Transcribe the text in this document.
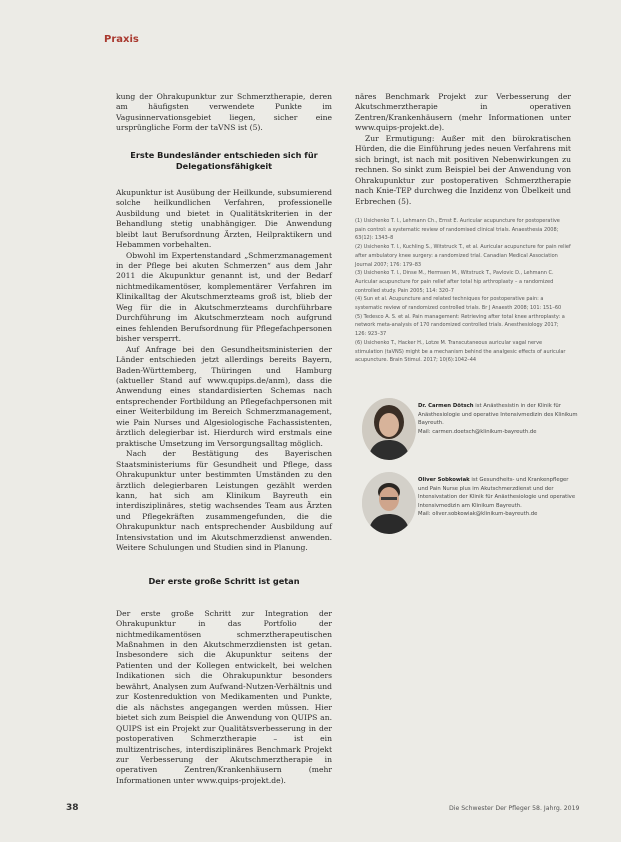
Praxis

kung der Ohrakupunktur zur Schmerztherapie, deren am häufigsten verwendete Punkte im Vagusinnervationsgebiet liegen, sicher eine ursprüngliche Form der taVNS ist (5).

Erste Bundesländer entschieden sich für Delegationsfähigkeit

Akupunktur ist Ausübung der Heilkunde, subsumierend solche heilkundlichen Verfahren, professionelle Ausbildung und bietet in Qualitätskriterien in der Behandlung stetig unabhängiger. Die Anwendung bleibt laut Berufsordnung Ärzten, Heilpraktikern und Hebammen vorbehalten.

Obwohl im Expertenstandard „Schmerzmanagement in der Pflege bei akuten Schmerzen“ aus dem Jahr 2011 die Akupunktur genannt ist, und der Bedarf nichtmedikamentöser, komplementärer Verfahren im Klinikalltag der Akutschmerzteams groß ist, blieb der Weg für die in Akutschmerzteams durchführbare Durchführung im Akutschmerzteam noch aufgrund eines fehlenden Berufsordnung für Pflegefachpersonen bisher versperrt.

Auf Anfrage bei den Gesundheitsministerien der Länder entschieden jetzt allerdings bereits Bayern, Baden-Württemberg, Thüringen und Hamburg (aktueller Stand auf www.qupips.de/anm), dass die Anwendung eines standardisierten Schemas nach entsprechender Fortbildung an Pflegefachpersonen mit einer Weiterbildung im Bereich Schmerzmanagement, wie Pain Nurses und Algesiologische Fachassistenten, ärztlich delegierbar ist. Hierdurch wird erstmals eine praktische Umsetzung im Versorgungsalltag möglich.

Nach der Bestätigung des Bayerischen Staatsministeriums für Gesundheit und Pflege, dass Ohrakupunktur unter bestimmten Umständen zu den ärztlich delegierbaren Leistungen gezählt werden kann, hat sich am Klinikum Bayreuth ein interdisziplinäres, stetig wachsendes Team aus Ärzten und Pflegekräften zusammengefunden, die die Ohrakupunktur nach entsprechender Ausbildung auf Intensivstation und im Akutschmerzdienst anwenden. Weitere Schulungen und Studien sind in Planung.

Der erste große Schritt ist getan

Der erste große Schritt zur Integration der Ohrakupunktur in das Portfolio der nichtmedikamentösen schmerztherapeutischen Maßnahmen in den Akutschmerzdiensten ist getan. Insbesondere sich die Akupunktur seitens der Patienten und der Kollegen entwickelt, bei welchen Indikationen sich die Ohrakupunktur besonders bewährt, Analysen zum Aufwand-Nutzen-Verhältnis und zur Kostenreduktion von Medikamenten und Punkte, die als nächstes angegangen werden müssen. Hier bietet sich zum Beispiel die Anwendung von QUIPS an. QUIPS ist ein Projekt zur Qualitätsverbesserung in der postoperativen Schmerztherapie – ist ein multizentrisches, interdisziplinäres Benchmark Projekt zur Verbesserung der Akutschmerztherapie in operativen Zentren/Krankenhäusern (mehr Informationen unter www.quips-projekt.de).

näres Benchmark Projekt zur Verbesserung der Akutschmerztherapie in operativen Zentren/Krankenhäusern (mehr Informationen unter www.quips-projekt.de).

Zur Ermutigung: Außer mit den bürokratischen Hürden, die die Einführung jedes neuen Verfahrens mit sich bringt, ist nach mit positiven Nebenwirkungen zu rechnen. So sinkt zum Beispiel bei der Anwendung von Ohrakupunktur zur postoperativen Schmerztherapie nach Knie-TEP durchweg die Inzidenz von Übelkeit und Erbrechen (5).

(1) Usichenko T. I., Lehmann Ch., Ernst E. Auricular acupuncture for postoperative pain control: a systematic review of randomised clinical trials. Anaesthesia 2008; 63(12): 1343–8
(2) Usichenko T. I., Kuchling S., Witstruck T., et al. Auricular acupuncture for pain relief after ambulatory knee surgery: a randomized trial. Canadian Medical Association Journal 2007; 176: 179–83
(3) Usichenko T. I., Dinse M., Hermsen M., Witstruck T., Pavlovic D., Lehmann C. Auricular acupuncture for pain relief after total hip arthroplasty – a randomized controlled study. Pain 2005; 114: 320–7
(4) Sun et al. Acupuncture and related techniques for postoperative pain: a systematic review of randomized controlled trials. Br J Anaesth 2008; 101: 151–60
(5) Tedesco A. S. et al. Pain management: Retrieving after total knee arthroplasty: a network meta-analysis of 170 randomized controlled trials. Anesthesiology 2017; 126: 923–37
(6) Usichenko T., Hacker H., Lotze M. Transcutaneous auricular vagal nerve stimulation (taVNS) might be a mechanism behind the analgesic effects of auricular acupuncture. Brain Stimul. 2017; 10(6):1042–44
Dr. Carmen Dötsch ist Anästhesistin in der Klinik für Anästhesiologie und operative Intensivmedizin des Klinikum Bayreuth.
Mail: carmen.doetsch@klinikum-bayreuth.de
Oliver Sobkowiak ist Gesundheits- und Krankenpfleger und Pain Nurse plus im Akutschmerzdienst und der Intensivstation der Klinik für Anästhesiologie und operative Intensivmedizin am Klinikum Bayreuth.
Mail: oliver.sobkowiak@klinikum-bayreuth.de
38	Die Schwester Der Pfleger 58. Jahrg. 2019
